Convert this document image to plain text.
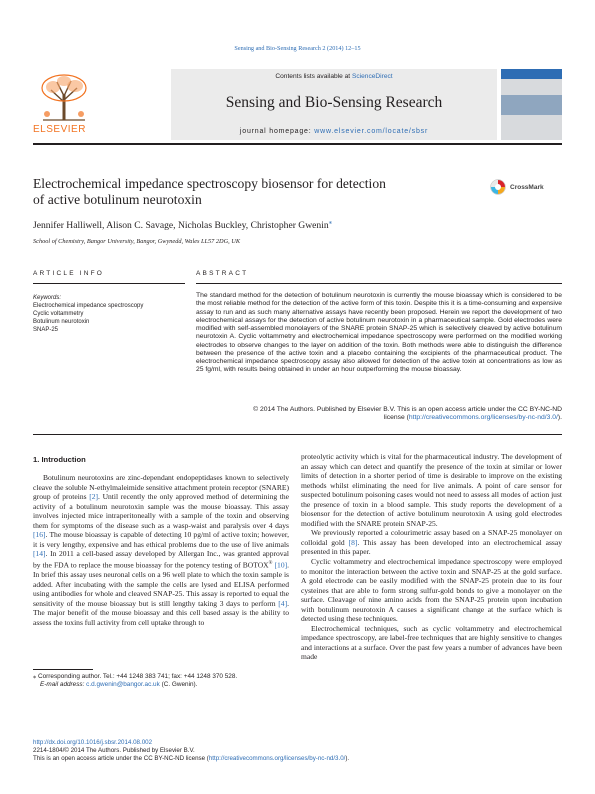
Sensing and Bio-Sensing Research 2 (2014) 12–15
ELSEVIER
Contents lists available at ScienceDirect
Sensing and Bio-Sensing Research
journal homepage: www.elsevier.com/locate/sbsr
Electrochemical impedance spectroscopy biosensor for detection
of active botulinum neurotoxin
CrossMark
Jennifer Halliwell, Alison C. Savage, Nicholas Buckley, Christopher Gwenin⁎
School of Chemistry, Bangor University, Bangor, Gwynedd, Wales LL57 2DG, UK
ARTICLE INFO	ABSTRACT
Keywords:
Electrochemical impedance spectroscopy
Cyclic voltammetry
Botulinum neurotoxin
SNAP-25
The standard method for the detection of botulinum neurotoxin is currently the mouse bioassay which is considered to be the most reliable method for the detection of the active form of this toxin. Despite this it is a time-consuming and expensive assay to run and as such many alternative assays have recently been proposed. Herein we report the development of two electrochemical assays for the detection of active botulinum neurotoxin in a pharmaceutical sample. Gold electrodes were modified with self-assembled monolayers of the SNARE protein SNAP-25 which is selectively cleaved by active botulinum neurotoxin A. Cyclic voltammetry and electrochemical impedance spectroscopy were performed on the modified working electrodes to observe changes to the layer on addition of the toxin. Both methods were able to distinguish the difference between the presence of the active toxin and a placebo containing the excipients of the pharmaceutical product. The electrochemical impedance spectroscopy assay also allowed for detection of the active toxin at concentrations as low as 25 fg/ml, with results being obtained in under an hour outperforming the mouse bioassay.
© 2014 The Authors. Published by Elsevier B.V. This is an open access article under the CC BY-NC-ND
license (http://creativecommons.org/licenses/by-nc-nd/3.0/).
1. Introduction

Botulinum neurotoxins are zinc-dependant endopeptidases known to selectively cleave the soluble N-ethylmaleimide sensitive attachment protein receptor (SNARE) group of proteins [2]. Until recently the only approved method of determining the activity of a botulinum neurotoxin sample was the mouse bioassay. This assay involves injected mice intraperitoneally with a sample of the toxin and observing them for symptoms of the disease such as a wasp-waist and paralysis over 4 days [16]. The mouse bioassay is capable of detecting 10 pg/ml of active toxin; however, it is very lengthy, expensive and has ethical problems due to the use of live animals [14]. In 2011 a cell-based assay developed by Allergan Inc., was granted approval by the FDA to replace the mouse bioassay for the potency testing of BOTOX® [10]. In brief this assay uses neuronal cells on a 96 well plate to which the toxin sample is added. After incubating with the sample the cells are lysed and ELISA performed using antibodies for whole and cleaved SNAP-25. This assay is reported to equal the sensitivity of the mouse bioassay but is still lengthy taking 3 days to perform [4]. The major benefit of the mouse bioassay and this cell based assay is the ability to assess the toxins full activity from cell uptake through to

proteolytic activity which is vital for the pharmaceutical industry. The development of an assay which can detect and quantify the presence of the toxin at similar or lower limits of detection in a shorter period of time is desirable to improve on the existing methods whilst eliminating the need for live animals. A point of care sensor for suspected botulinum poisoning cases would not need to assess all modes of action just the presence of toxin in a blood sample. This study reports the development of a biosensor for the detection of active botulinum neurotoxin A using gold electrodes modified with the SNARE protein SNAP-25.

We previously reported a colourimetric assay based on a SNAP-25 monolayer on colloidal gold [8]. This assay has been developed into an electrochemical assay presented in this paper.

Cyclic voltammetry and electrochemical impedance spectroscopy were employed to monitor the interaction between the active toxin and SNAP-25 at the gold surface. A gold electrode can be easily modified with the SNAP-25 protein due to its four cysteines that are able to form strong sulfur-gold bonds to give a monolayer on the surface. Cleavage of nine amino acids from the SNAP-25 protein upon incubation with botulinum neurotoxin A causes a significant change at the surface which is detected using these techniques.

Electrochemical techniques, such as cyclic voltammetry and electrochemical impedance spectroscopy, are label-free techniques that are highly sensitive to changes and interactions at a surface. Over the past few years a number of advances have been made

⁎ Corresponding author. Tel.: +44 1248 383 741; fax: +44 1248 370 528.
E-mail address: c.d.gwenin@bangor.ac.uk (C. Gwenin).
http://dx.doi.org/10.1016/j.sbsr.2014.08.002
2214-1804/© 2014 The Authors. Published by Elsevier B.V.
This is an open access article under the CC BY-NC-ND license (http://creativecommons.org/licenses/by-nc-nd/3.0/).
